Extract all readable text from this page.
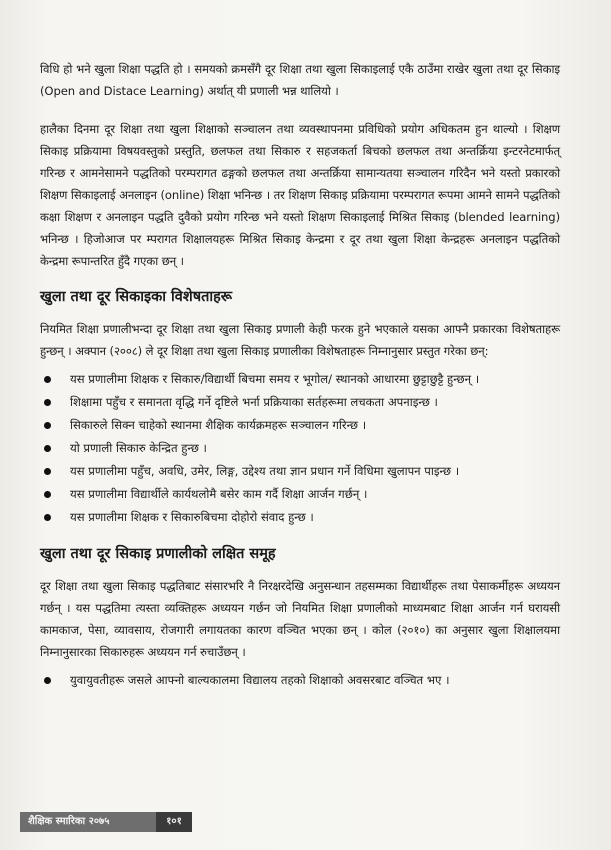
विधि हो भने खुला शिक्षा पद्धति हो । समयको क्रमसँगै दूर शिक्षा तथा खुला सिकाइलाई एकै ठाउँमा राखेर खुला तथा दूर सिकाइ (Open and Distace Learning) अर्थात् यी प्रणाली भन्न थालियो ।

हालैका दिनमा दूर शिक्षा तथा खुला शिक्षाको सञ्चालन तथा व्यवस्थापनमा प्रविधिको प्रयोग अधिकतम हुन थाल्यो । शिक्षण सिकाइ प्रक्रियामा विषयवस्तुको प्रस्तुति, छलफल तथा सिकारु र सहजकर्ता बिचको छलफल तथा अन्तर्क्रिया इन्टरनेटमार्फत् गरिन्छ र आमनेसामने पद्धतिको परम्परागत ढङ्गको छलफल तथा अन्तर्क्रिया सामान्यतया सञ्चालन गरिदैन भने यस्तो प्रकारको शिक्षण सिकाइलाई अनलाइन (online) शिक्षा भनिन्छ । तर शिक्षण सिकाइ प्रक्रियामा परम्परागत रूपमा आमने सामने पद्धतिको कक्षा शिक्षण र अनलाइन पद्धति दुवैको प्रयोग गरिन्छ भने यस्तो शिक्षण सिकाइलाई मिश्रित सिकाइ (blended learning) भनिन्छ । हिजोआज पर म्परागत शिक्षालयहरू मिश्रित सिकाइ केन्द्रमा र दूर तथा खुला शिक्षा केन्द्रहरू अनलाइन पद्धतिको केन्द्रमा रूपान्तरित हुँदै गएका छन् ।

खुला तथा दूर सिकाइका विशेषताहरू

नियमित शिक्षा प्रणालीभन्दा दूर शिक्षा तथा खुला सिकाइ प्रणाली केही फरक हुने भएकाले यसका आफ्नै प्रकारका विशेषताहरू हुन्छन् । अक्पान (२००८) ले दूर शिक्षा तथा खुला सिकाइ प्रणालीका विशेषताहरू निम्नानुसार प्रस्तुत गरेका छन्:

यस प्रणालीमा शिक्षक र सिकारु/विद्यार्थी बिचमा समय र भूगोल/ स्थानको आधारमा छुट्टाछुट्टै हुन्छन् ।
शिक्षामा पहुँच र समानता वृद्धि गर्ने दृष्टिले भर्ना प्रक्रियाका सर्तहरूमा लचकता अपनाइन्छ ।
सिकारुले सिक्न चाहेको स्थानमा शैक्षिक कार्यक्रमहरू सञ्चालन गरिन्छ ।
यो प्रणाली सिकारु केन्द्रित हुन्छ ।
यस प्रणालीमा पहुँच, अवधि, उमेर, लिङ्ग, उद्देश्य तथा ज्ञान प्रधान गर्ने विधिमा खुलापन पाइन्छ ।
यस प्रणालीमा विद्यार्थीले कार्यथलोमै बसेर काम गर्दै शिक्षा आर्जन गर्छन् ।
यस प्रणालीमा शिक्षक र सिकारुबिचमा दोहोरो संवाद हुन्छ ।
खुला तथा दूर सिकाइ प्रणालीको लक्षित समूह

दूर शिक्षा तथा खुला सिकाइ पद्धतिबाट संसारभरि नै निरक्षरदेखि अनुसन्धान तहसम्मका विद्यार्थीहरू तथा पेसाकर्मीहरू अध्ययन गर्छन् । यस पद्धतिमा त्यस्ता व्यक्तिहरू अध्ययन गर्छन जो नियमित शिक्षा प्रणालीको माध्यमबाट शिक्षा आर्जन गर्न घरायसी कामकाज, पेसा, व्यावसाय, रोजगारी लगायतका कारण वञ्चित भएका छन् । कोल (२०१०) का अनुसार खुला शिक्षालयमा निम्नानुसारका सिकारुहरू अध्ययन गर्न रुचाउँछन् ।

युवायुवतीहरू जसले आफ्नो बाल्यकालमा विद्यालय तहको शिक्षाको अवसरबाट वञ्चित भए ।
शैक्षिक स्मारिका २०७५	१०१
